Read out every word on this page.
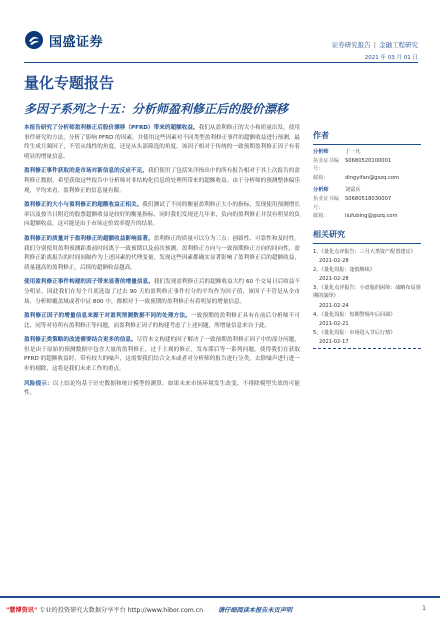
国盛证券	证券研究报告 | 金融工程研究
2021 年 03 月 01 日
量化专题报告
多因子系列之十五：分析师盈利修正后的股价漂移

本报告研究了分析师盈利修正后股价漂移（PFRD）带来的超额收益。我们从盈利修正的大小和质量出发，使用事件研究的方法，分析了影响 PFRD 的因素，并使用这些因素对不同类型盈利修正事件的超额收益进行预测，最终生成月频因子，不管从线性的角度，还是从头部筛选的角度，该因子相对于传统的一致预期盈利修正因子有着明显的增量信息。

盈利修正事件获取的是市场对新信息的反应不足。我们使用了包括朱洋指出中的所有报告相对于其上次报告的盈利修正数据，希望获取这些报告中分析师对非结构化信息的处理所带来的超额收益。由于分析师的预测整体偏乐观，平均来看，盈利修正的信息量有限。

盈利修正的大小与盈利修正的超额收益正相关。我们测试了不同的衡量盈利修正大小的指标，发现使用预测增长率以及按当日附近的股票超额收益是较好的衡量指标，同时我们发现还几年来，负向的盈利修正并没有明显的负向超额收益，这可能是由于市场定价效率提升的结果。

盈利修正的质量对于盈利修正的超额收益影响显著。盈利修正的质量可以分为三点：创新性、可靠性和及时性。我们分别使用盈利预测距离前时间离于一致预期以及前次预测，盈利修正方向与一致预期修正方向的同向性，盈利修正距离报告的时间间隔作为上述因素的代理变量，发现这些因素都确实显著影响了盈利修正后的超额收益，质量越高的盈利修正，后续的超额收益越高。

使用盈利修正事件构建的因子带来显著的增量信息。我们发现盈利修正后的超额收益大约 60 个交易日后收益不分明显，因此我们在每个月底选取了过去 90 天的盈利修正事件打分的平均作为因子值，该因子不管是从全市场、分析师覆盖域或者中证 800 中，都相对于一致预期的盈利修正有着明显的增量信息。

盈利修正因子的增量信息来源于对盈利预测数据不同的处理方法。一致预期的盈利修正具有在前后分析师不可比、同等对待所有盈利修正等问题，而盈利修正因子的构建考虑了上述问题，所增量信息来自于此。

盈利修正类策略的改进需要结合更多的信息。尽管本文构建的因子解决了一致预期盈利修正因子中的部分问题，但是由于原始的预测数据中包含大量的盈利修正，过于主观的修正，发布滞后等一系列问题，使得我们在获取 PFRD 的超额收益时，带有较大的噪声，这需要我们结合文本或者对分析师的报告进行分类，去除噪声进行进一步的剔除，这将是我们未来工作的重点。

风险提示：以上结论均基于历史数据和统计模型的测算，如果未来市场环境发生改变，不排除模型失效的可能性。

作者
分析师	丁一凡
执业证书编号：
S0680520100001
邮箱：	dingyifan@gszq.com
分析师	刘富兵
执业证书编号：
S0680518030007
邮箱：	liufubing@gszq.com
相关研究
1、《量化点评报告：三月大类资产配置建议》
2021-02-28
2、《量化周报：逢低继续》
2021-02-28
3、《量化点评报告：小盘股的困境：战略布局预期的演绎》
2021-02-24
4、《量化周报：短期警惕年后回调》
2021-02-21
5、《量化周报：市场进入节后行情》
2021-02-17
"慧博资讯" 专业的投资研究大数据分享平台 http://www.hibor.com.cn 请仔细阅读本报告末页声明	1
